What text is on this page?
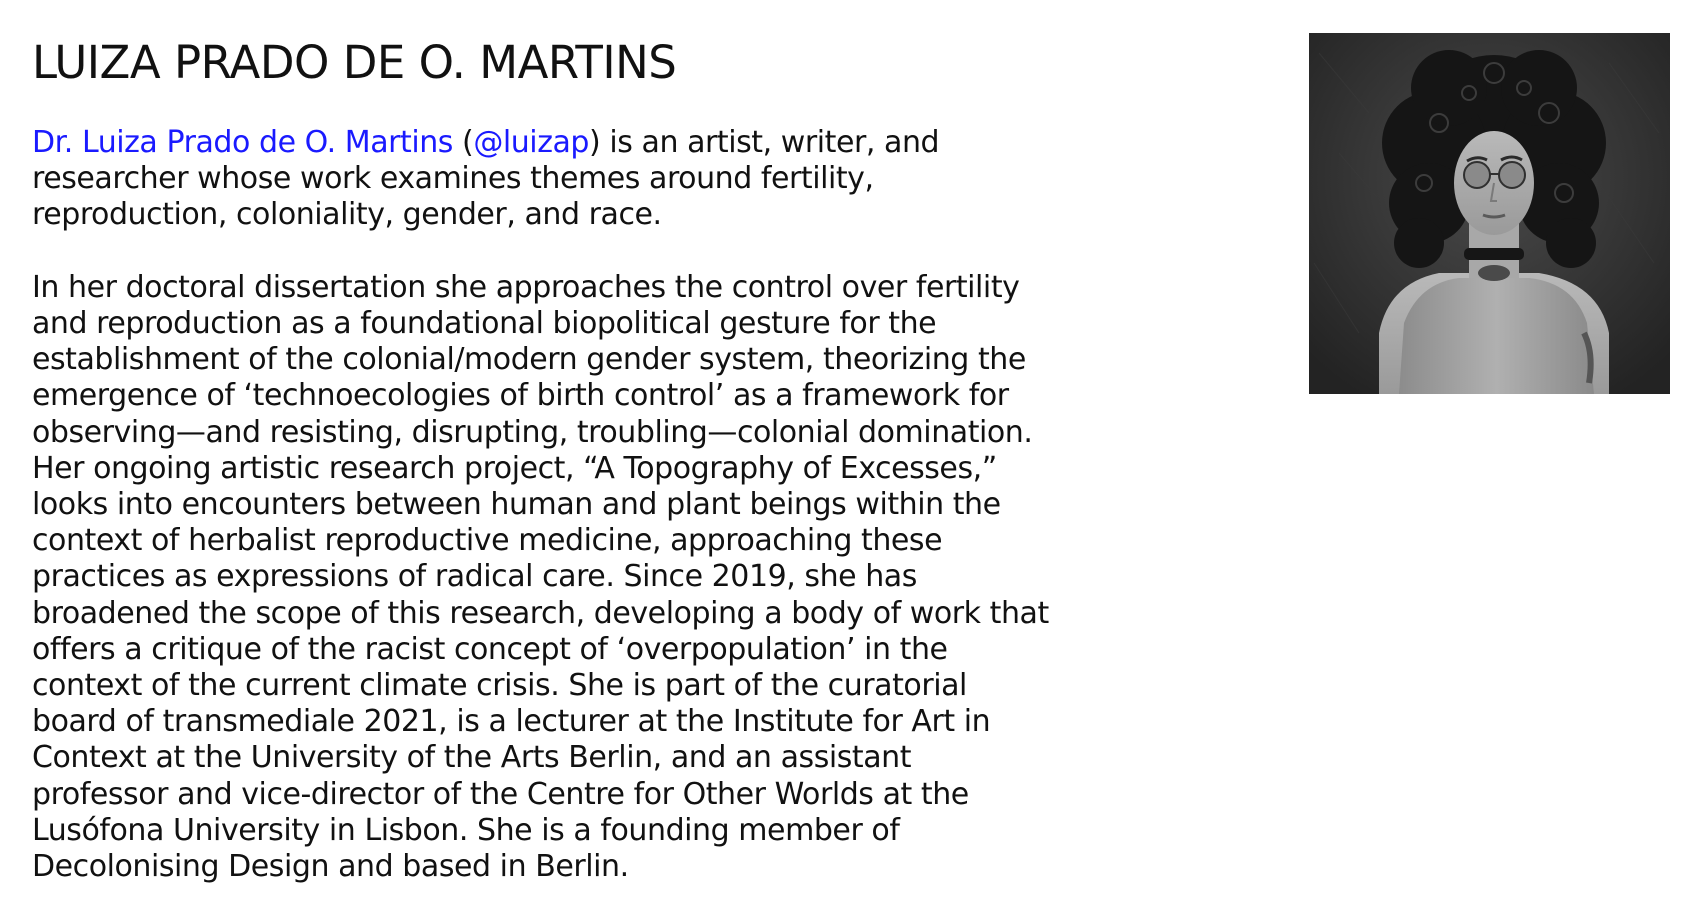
LUIZA PRADO DE O. MARTINS

Dr. Luiza Prado de O. Martins (@luizap) is an artist, writer, and
researcher whose work examines themes around fertility,
reproduction, coloniality, gender, and race.

In her doctoral dissertation she approaches the control over fertility
and reproduction as a foundational biopolitical gesture for the
establishment of the colonial/modern gender system, theorizing the
emergence of ‘technoecologies of birth control’ as a framework for
observing—and resisting, disrupting, troubling—colonial domination.
Her ongoing artistic research project, “A Topography of Excesses,”
looks into encounters between human and plant beings within the
context of herbalist reproductive medicine, approaching these
practices as expressions of radical care. Since 2019, she has
broadened the scope of this research, developing a body of work that
offers a critique of the racist concept of ‘overpopulation’ in the
context of the current climate crisis. She is part of the curatorial
board of transmediale 2021, is a lecturer at the Institute for Art in
Context at the University of the Arts Berlin, and an assistant
professor and vice-director of the Centre for Other Worlds at the
Lusófona University in Lisbon. She is a founding member of
Decolonising Design and based in Berlin.
